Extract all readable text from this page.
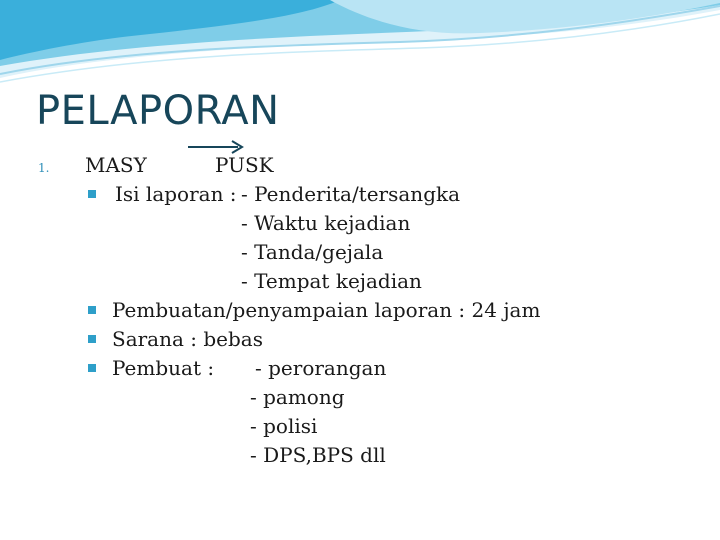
PELAPORAN
1. MASY	PUSK
Isi laporan :
- Penderita/tersangka
- Waktu kejadian
- Tanda/gejala
- Tempat kejadian
Pembuatan/penyampaian laporan : 24 jam
Sarana : bebas
Pembuat : - perorangan
- pamong
- polisi
- DPS,BPS dll
